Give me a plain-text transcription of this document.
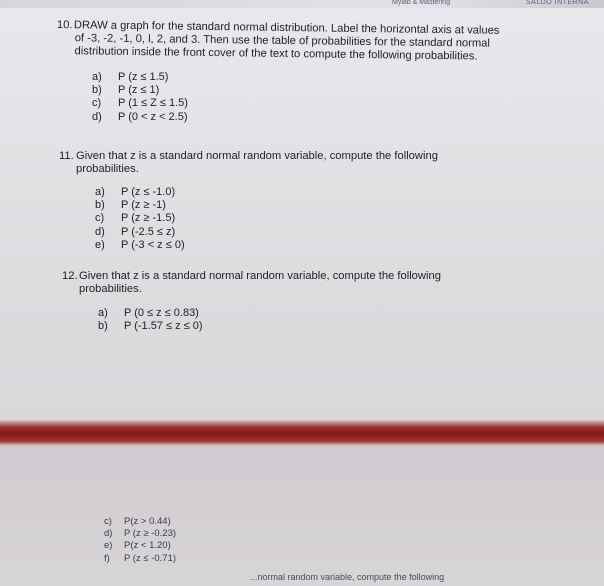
Mylab & Mastering	SALDO INTERNA
10.DRAW a graph for the standard normal distribution. Label the horizontal axis at values
of -3, -2, -1, 0, l, 2, and 3. Then use the table of probabilities for the standard normal
distribution inside the front cover of the text to compute the following probabilities.
a) P (z ≤ 1.5)
b) P (z ≤ 1)
c) P (1 ≤ Z ≤ 1.5)
d) P (0 < z < 2.5)
11. Given that z is a standard normal random variable, compute the following
probabilities.
a) P (z ≤ -1.0)
b) P (z ≥ -1)
c) P (z ≥ -1.5)
d) P (-2.5 ≤ z)
e) P (-3 < z ≤ 0)
12.Given that z is a standard normal random variable, compute the following
probabilities.
a) P (0 ≤ z ≤ 0.83)
b) P (-1.57 ≤ z ≤ 0)
c) P(z > 0.44)
d) P (z ≥ -0.23)
e) P(z < 1.20)
f) P (z ≤ -0.71)
...normal random variable, compute the following
